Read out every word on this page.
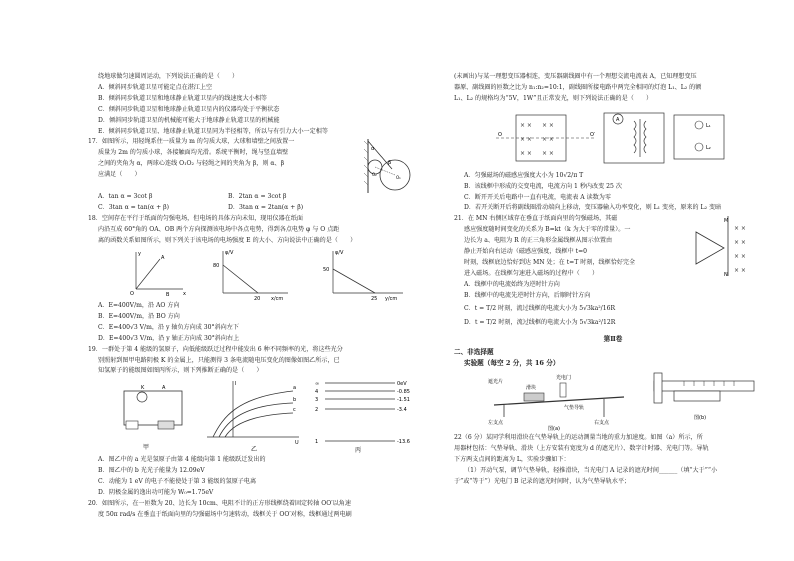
绕地球做匀速圆周运动，下列说法正确的是（　　）
A．倾斜同步轨道卫星可能定点在湛江上空
B．倾斜同步轨道卫星和地球静止轨道卫星内的线速度大小相等
C．倾斜同步轨道卫星和地球静止轨道卫星内的仪器均处于平衡状态
D．倾斜同步轨道卫星的机械能可能大于地球静止轨道卫星的机械能
E．倾斜同步轨道卫星、地球静止轨道卫星同为半径相等，所以与有引力大小一定相等
17．如图所示，用轻绳系住一质量为 m 的匀质大球，大球和墙壁之间放置一
质量为 2m 的匀质小球，各接触面均光滑。系统平衡时，绳与竖直墙壁
之间的夹角为 α，两球心连线 O₁O₂ 与轻绳之间的夹角为 β，则 α、β
应满足（　　）
α
β
O₂
O₁
A．tan α = 3cot β	B．2tan α = 3cot β
C．3tan α = tan(α + β)	D．3tan α = 2tan(α + β)
18．空间存在平行于纸面的匀强电场，但电场的具体方向未知，现用仪器在纸面
内沿互成 60°角的 OA、OB 两个方向探测该电场中各点电势，得到各点电势 φ 与 O 点距
离的函数关系如图所示，则下列关于该电场的电场强度 E 的大小、方向说法中正确的是（　　）
O
A
B	x
y	φ/V
80
20 x/cm
φ/V
50
25 y/cm
A．E=400V/m，沿 AO 方向
B．E=400V/m，沿 BO 方向
C．E=400√3 V/m，沿 y 轴负方向成 30°斜向左下
D．E=400√3 V/m，沿 y 轴正方向成 30°斜向右上
19．一群处于第 4 能级的氢原子，向低能级跃迁过程中能发出 6 种不同频率的光，将这些光分
别照射到图甲电路阴极 K 的金属上，只能测得 3 条电流随电压变化的图像如图乙所示，已
知氢原子的能级图如图丙所示，则下列推断正确的是（　　）
K	A
甲
a
b
c
I
U
乙
∞	0eV
4	-0.85
3	-1.51
2	-3.4
1	-13.6
丙
A．图乙中的 a 光是氢原子由第 4 能级向第 1 能级跃迁发出的
B．图乙中的 b 光光子能量为 12.09eV
C．动能为 1 eV 的电子不能使处于第 3 能级的氢原子电离
D．阴极金属的逸出功可能为 W₀=1.75eV
20．如图所示，在一匝数为 20、边长为 10cm、电阻不计的正方形线框绕着固定转轴 OO′以角速
度 50π rad/s 在垂直于纸面向里的匀强磁场中匀速转动，线框关于 OO′对称，线框通过两电刷
(未画出)与某一理想变压器相连，变压器副线圈中有一个理想交流电流表 A，已知理想变压
器原、副线圈的匝数之比为 n₁:n₂=10:1，副线圈所接电路中两完全相同的灯泡 L₁、L₂ 的额
L₁、L₂ 的规格均为“5V，1W”且正常发光，则下列说法正确的是（　　）
× × × ×
× × × ×
× × × ×
O	O′
A
L₁
L₂
A．匀强磁场的磁感应强度大小为 10√2/π T
B．该线框中形成的交变电流，电流方向 1 秒内改变 25 次
C．断开开关后电路中一直有电流，电流表 A 读数为零
D．若开关断开后将副线圈滑动端向上移动，变压器输入功率变化，则 L₁ 变亮，原来的 L₂ 变暗
21．在 MN 右侧区域存在垂直于纸面向里的匀强磁场，其磁
感应强度随时间变化的关系为 B=kt（k 为大于零的常量）。一
边长为 a、电阻为 R 的正三角形金属线框从图示位置由
静止开始向右运动（磁感应强度，线框中 t=0
时刻，线框底边恰好到达 MN 处；在 t=T 时刻，线框恰好完全
进入磁场。在线框匀速进入磁场的过程中（　　）
M
N
× ×
× ×
× ×
× ×
A．线框中的电流始终为逆时针方向
B．线框中的电流先逆时针方向，后顺时针方向
C．t = T/2 时刻，流过线框的电流大小为 5√3ka²/16R
D．t = T/2 时刻，流过线框的电流大小为 5√3ka²/12R
第Ⅱ卷
二、非选择题
实验题（每空 2 分，共 16 分）
遮光片
光电门
滑块
气垫导轨
左支点	右支点
图(a)
图(b)
22（6 分）某同学利用滑块在气垫导轨上的运动测量当地的重力加速度。如图（a）所示，所
用器材包括：气垫导轨、滑块（上方安装有宽度为 d 的遮光片）、数字计时器、光电门等。导轨
下方两支点间的距离为 L，实验步骤如下：
（1）开动气泵，调节气垫导轨，轻推滑块，当光电门 A 记录的遮光时间______（填“大于”“小
于”或“等于”）光电门 B 记录的遮光时间时，认为气垫导轨水平；
